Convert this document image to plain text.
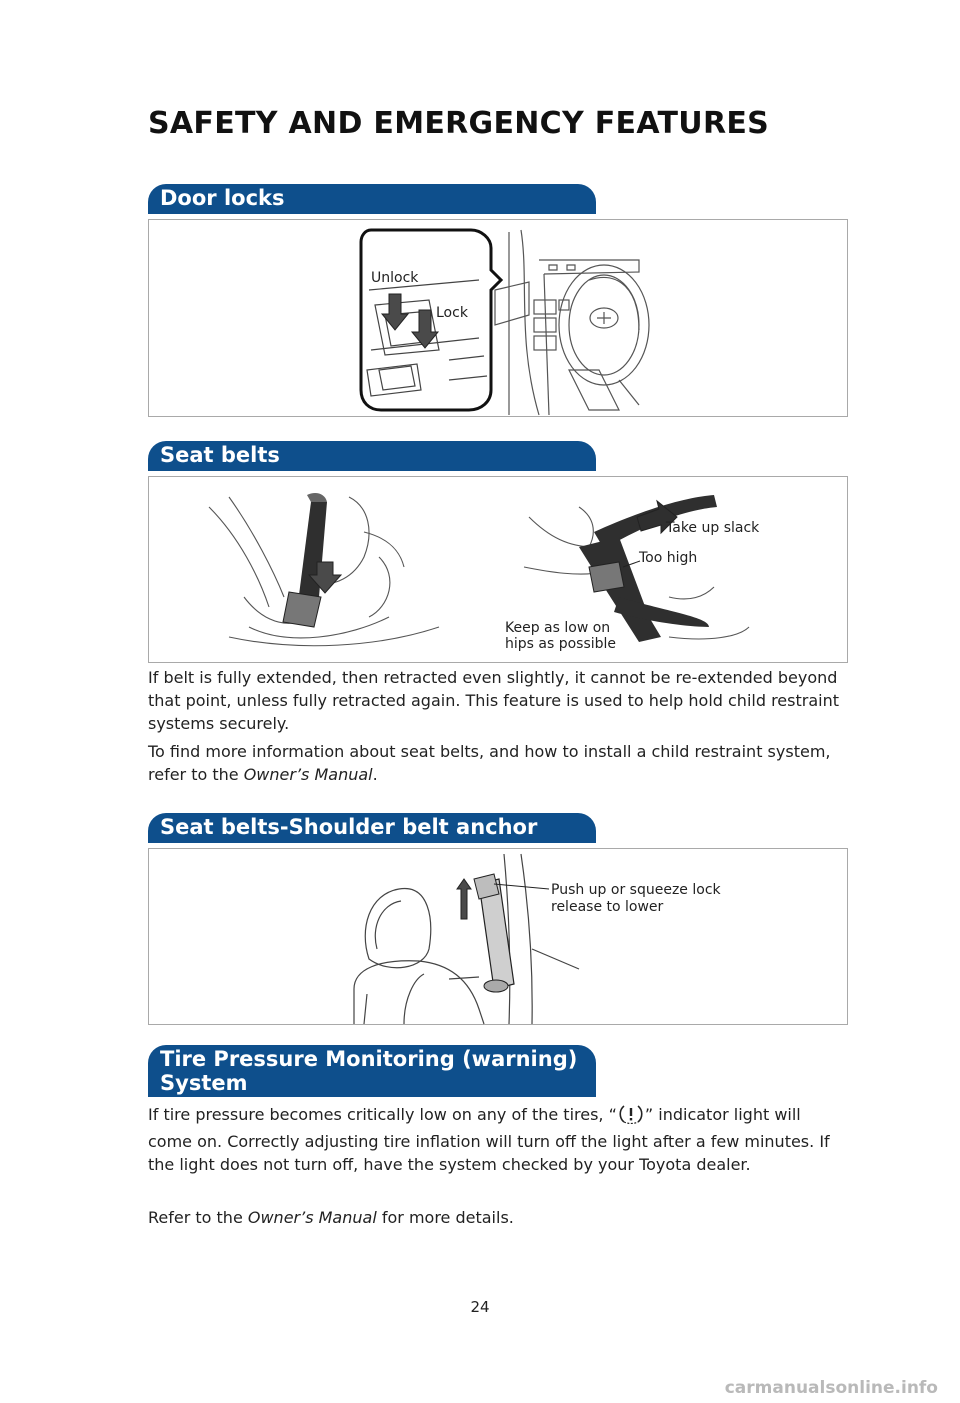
SAFETY AND EMERGENCY FEATURES
Door locks
Unlock
Lock
Seat belts
Take up slack
Too high
Keep as low on
hips as possible

If belt is fully extended, then retracted even slightly, it cannot be re-extended beyond that point, unless fully retracted again. This feature is used to help hold child restraint systems securely.

To find more information about seat belts, and how to install a child restraint system, refer to the Owner’s Manual.

Seat belts-Shoulder belt anchor
Push up or squeeze lock
release to lower
Tire Pressure Monitoring (warning)
System

If tire pressure becomes critically low on any of the tires, “ ” indicator light will come on. Correctly adjusting tire inflation will turn off the light after a few minutes. If the light does not turn off, have the system checked by your Toyota dealer.

Refer to the Owner’s Manual for more details.

24
carmanualsonline.info
